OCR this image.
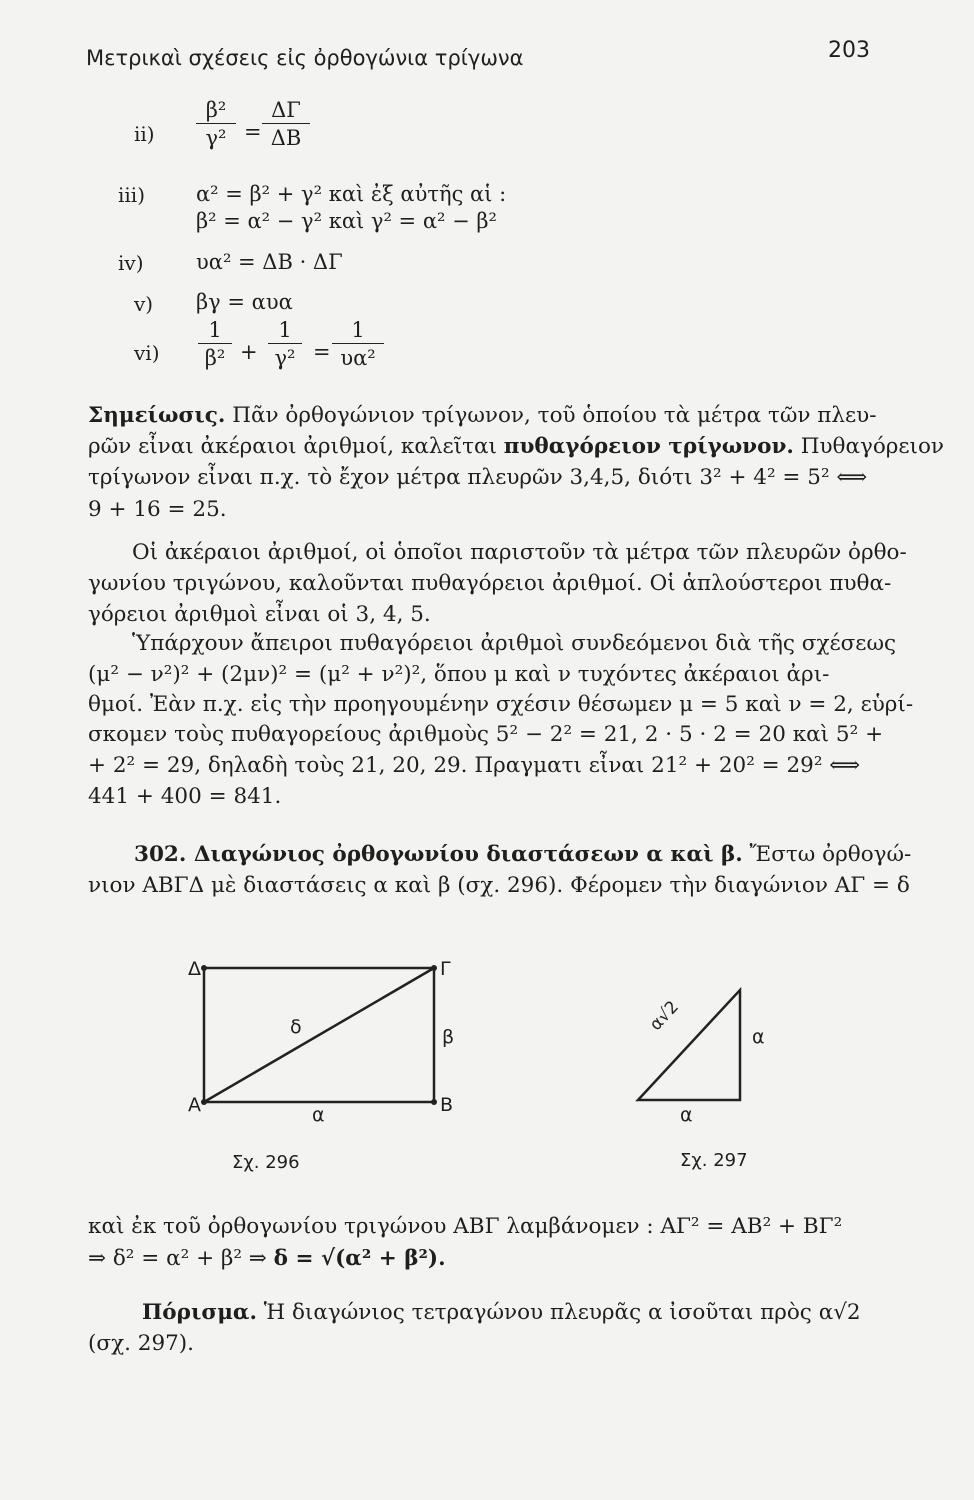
Μετρικαὶ σχέσεις εἰς ὀρθογώνια τρίγωνα	203
$ii) \frac{\text{β²}}{\text{γ²}} = \frac{\Delta\Gamma}{\Delta B}$
iii) α² = β² + γ² καὶ ἐξ αὐτῆς αἱ :
β² = α² − γ² καὶ γ² = α² − β²
iv)	υα² = ΔΒ · ΔΓ
v) βγ = αυα
$vi) \frac{1}{\text{β²}} + \frac{1}{\text{γ²}} = \frac{1}{\text{υα²}}$
Σημείωσις. Πᾶν ὀρθογώνιον τρίγωνον, τοῦ ὁποίου τὰ μέτρα τῶν πλευ-
ρῶν εἶναι ἀκέραιοι ἀριθμοί, καλεῖται πυθαγόρειον τρίγωνον. Πυθαγόρειον
τρίγωνον εἶναι π.χ. τὸ ἔχον μέτρα πλευρῶν 3,4,5, διότι 3² + 4² = 5² ⟺
9 + 16 = 25.
Οἱ ἀκέραιοι ἀριθμοί, οἱ ὁποῖοι παριστοῦν τὰ μέτρα τῶν πλευρῶν ὀρθο-
γωνίου τριγώνου, καλοῦνται πυθαγόρειοι ἀριθμοί. Οἱ ἁπλούστεροι πυθα-
γόρειοι ἀριθμοὶ εἶναι οἱ 3, 4, 5.
Ὑπάρχουν ἄπειροι πυθαγόρειοι ἀριθμοὶ συνδεόμενοι διὰ τῆς σχέσεως
(μ² − ν²)² + (2μν)² = (μ² + ν²)², ὅπου μ καὶ ν τυχόντες ἀκέραιοι ἀρι-
θμοί. Ἐὰν π.χ. εἰς τὴν προηγουμένην σχέσιν θέσωμεν μ = 5 καὶ ν = 2, εὑρί-
σκομεν τοὺς πυθαγορείους ἀριθμοὺς 5² − 2² = 21, 2 · 5 · 2 = 20 καὶ 5² +
+ 2² = 29, δηλαδὴ τοὺς 21, 20, 29. Πραγματι εἶναι 21² + 20² = 29² ⟺
441 + 400 = 841.
302. Διαγώνιος ὀρθογωνίου διαστάσεων α καὶ β. Ἔστω ὀρθογώ-
νιον ΑΒΓΔ μὲ διαστάσεις α καὶ β (σχ. 296). Φέρομεν τὴν διαγώνιον ΑΓ = δ
Δ	Γ
Α	Β
δ	β
α
Σχ. 296
α√2
α
α
Σχ. 297
καὶ ἐκ τοῦ ὀρθογωνίου τριγώνου ΑΒΓ λαμβάνομεν : ΑΓ² = ΑΒ² + ΒΓ²
⇒ δ² = α² + β² ⇒ δ = √(α² + β²).
Πόρισμα. Ἡ διαγώνιος τετραγώνου πλευρᾶς α ἰσοῦται πρὸς α√2
(σχ. 297).
